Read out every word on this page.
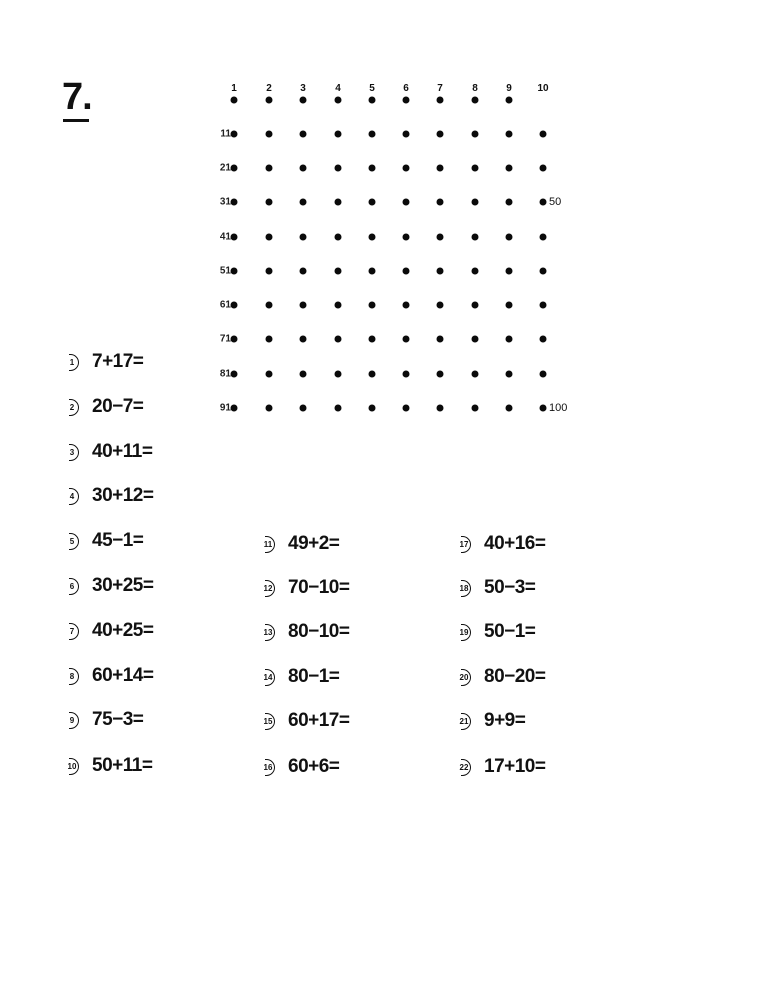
7.	1	2	3	4	5	6	7	8	9	10
11
21
31
41
51
61
71
81
91
50
100
1 7+17=
2 20−7=
3 40+11=
4 30+12=
5 45−1=
6 30+25=
7 40+25=
8 60+14=
9 75−3=
10 50+11=
11 49+2=
12 70−10=
13 80−10=
14 80−1=
15 60+17=
16 60+6=
17 40+16=
18 50−3=
19 50−1=
20 80−20=
21 9+9=
22 17+10=
